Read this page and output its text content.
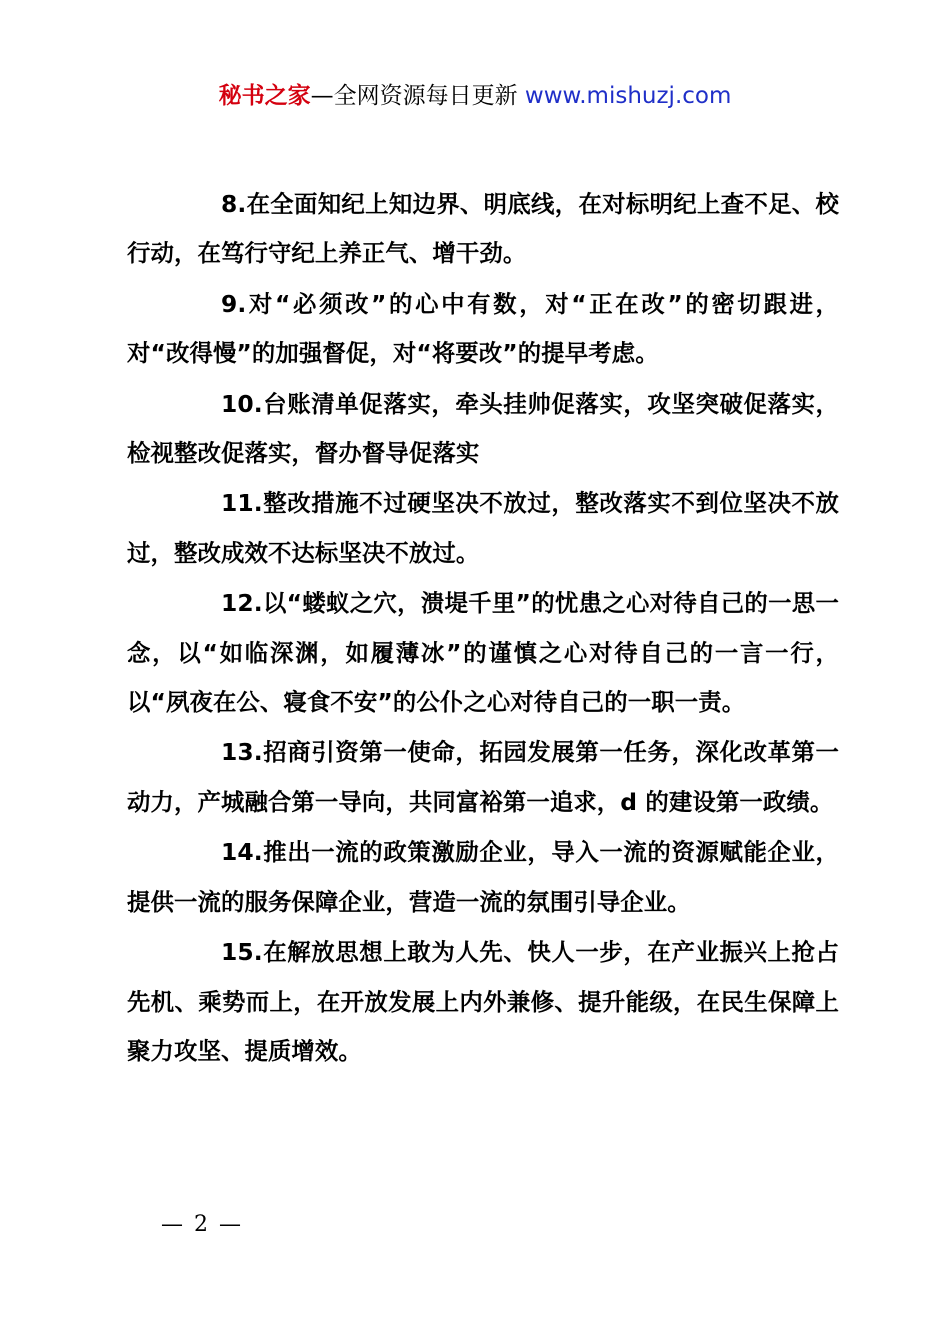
秘书之家—全网资源每日更新 www.mishuzj.com

8.在全面知纪上知边界、明底线，在对标明纪上查不足、校行动，在笃行守纪上养正气、增干劲。

9.对“必须改”的心中有数，对“正在改”的密切跟进，对“改得慢”的加强督促，对“将要改”的提早考虑。

10.台账清单促落实，牵头挂帅促落实，攻坚突破促落实，检视整改促落实，督办督导促落实

11.整改措施不过硬坚决不放过，整改落实不到位坚决不放过，整改成效不达标坚决不放过。

12.以“蝼蚁之穴，溃堤千里”的忧患之心对待自己的一思一念，以“如临深渊，如履薄冰”的谨慎之心对待自己的一言一行，以“夙夜在公、寝食不安”的公仆之心对待自己的一职一责。

13.招商引资第一使命，拓园发展第一任务，深化改革第一动力，产城融合第一导向，共同富裕第一追求，d 的建设第一政绩。

14.推出一流的政策激励企业，导入一流的资源赋能企业，提供一流的服务保障企业，营造一流的氛围引导企业。

15.在解放思想上敢为人先、快人一步，在产业振兴上抢占先机、乘势而上，在开放发展上内外兼修、提升能级，在民生保障上聚力攻坚、提质增效。

— 2 —
